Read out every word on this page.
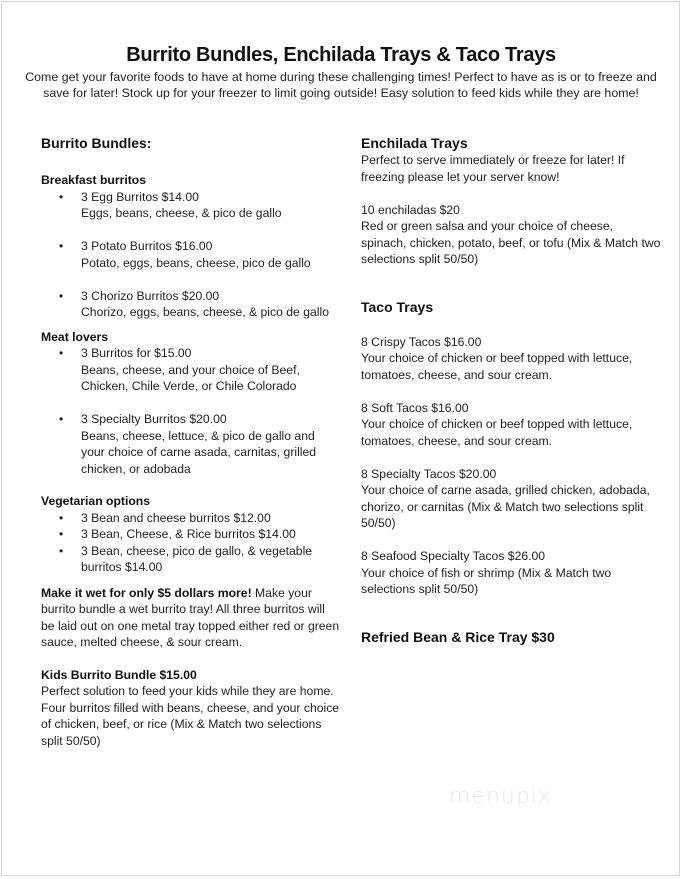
Burrito Bundles, Enchilada Trays & Taco Trays
Come get your favorite foods to have at home during these challenging times! Perfect to have as is or to freeze and save for later! Stock up for your freezer to limit going outside! Easy solution to feed kids while they are home!
Burrito Bundles:
Breakfast burritos
• 3 Egg Burritos $14.00
Eggs, beans, cheese, & pico de gallo
• 3 Potato Burritos $16.00
Potato, eggs, beans, cheese, pico de gallo
• 3 Chorizo Burritos $20.00
Chorizo, eggs, beans, cheese, & pico de gallo
Meat lovers
• 3 Burritos for $15.00
Beans, cheese, and your choice of Beef, Chicken, Chile Verde, or Chile Colorado
• 3 Specialty Burritos $20.00
Beans, cheese, lettuce, & pico de gallo and your choice of carne asada, carnitas, grilled chicken, or adobada
Vegetarian options
• 3 Bean and cheese burritos $12.00
• 3 Bean, Cheese, & Rice burritos $14.00
• 3 Bean, cheese, pico de gallo, & vegetable burritos $14.00
Make it wet for only $5 dollars more! Make your burrito bundle a wet burrito tray! All three burritos will be laid out on one metal tray topped either red or green sauce, melted cheese, & sour cream.
Kids Burrito Bundle $15.00
Perfect solution to feed your kids while they are home. Four burritos filled with beans, cheese, and your choice of chicken, beef, or rice (Mix & Match two selections split 50/50)
Enchilada Trays
Perfect to serve immediately or freeze for later! If freezing please let your server know!
10 enchiladas $20
Red or green salsa and your choice of cheese, spinach, chicken, potato, beef, or tofu (Mix & Match two selections split 50/50)
Taco Trays
8 Crispy Tacos $16.00
Your choice of chicken or beef topped with lettuce, tomatoes, cheese, and sour cream.
8 Soft Tacos $16.00
Your choice of chicken or beef topped with lettuce, tomatoes, cheese, and sour cream.
8 Specialty Tacos $20.00
Your choice of carne asada, grilled chicken, adobada, chorizo, or carnitas (Mix & Match two selections split 50/50)
8 Seafood Specialty Tacos $26.00
Your choice of fish or shrimp (Mix & Match two selections split 50/50)
Refried Bean & Rice Tray $30
menupix
